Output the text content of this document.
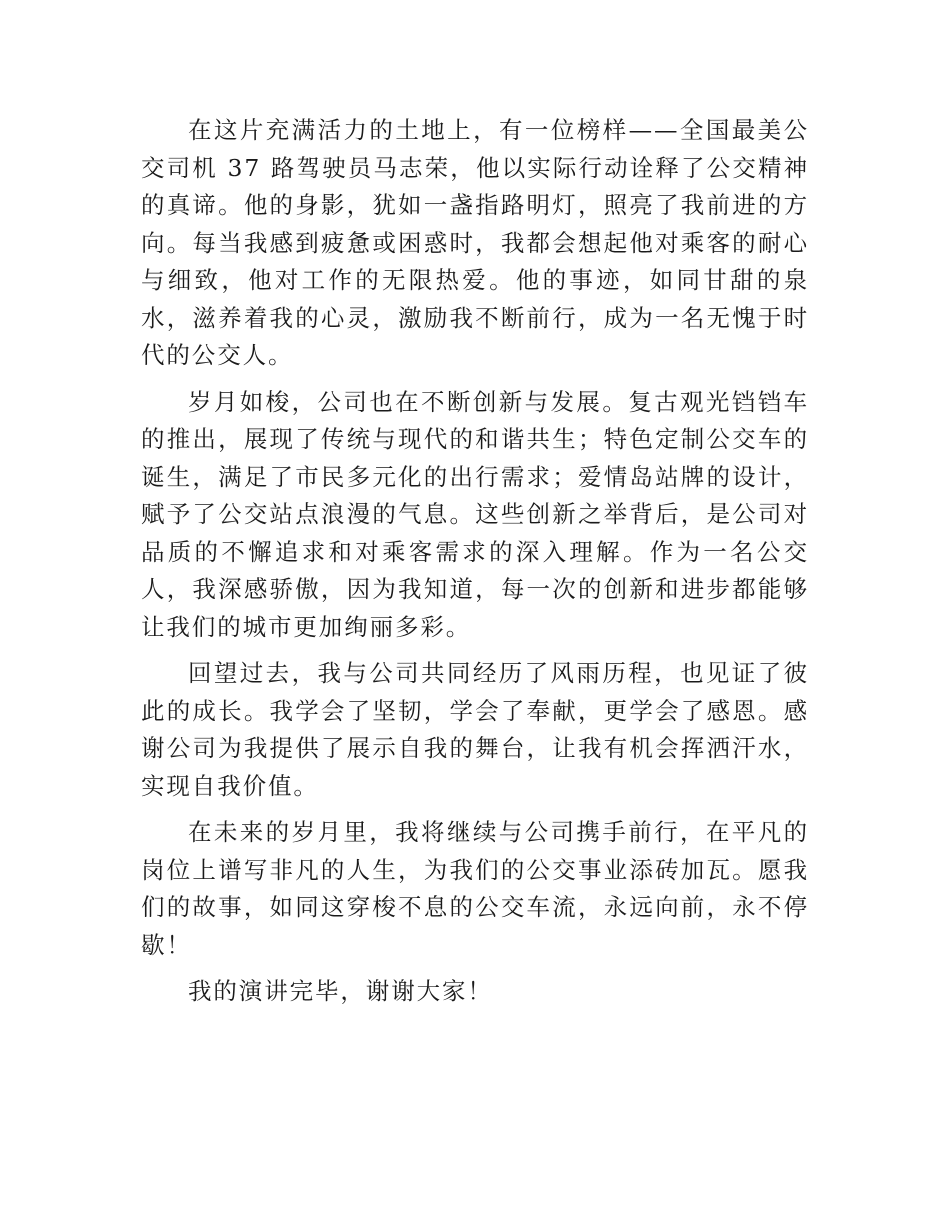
在这片充满活力的土地上，有一位榜样——全国最美公交司机 37 路驾驶员马志荣，他以实际行动诠释了公交精神的真谛。他的身影，犹如一盏指路明灯，照亮了我前进的方向。每当我感到疲惫或困惑时，我都会想起他对乘客的耐心与细致，他对工作的无限热爱。他的事迹，如同甘甜的泉水，滋养着我的心灵，激励我不断前行，成为一名无愧于时代的公交人。

岁月如梭，公司也在不断创新与发展。复古观光铛铛车的推出，展现了传统与现代的和谐共生；特色定制公交车的诞生，满足了市民多元化的出行需求；爱情岛站牌的设计，赋予了公交站点浪漫的气息。这些创新之举背后，是公司对品质的不懈追求和对乘客需求的深入理解。作为一名公交人，我深感骄傲，因为我知道，每一次的创新和进步都能够让我们的城市更加绚丽多彩。

回望过去，我与公司共同经历了风雨历程，也见证了彼此的成长。我学会了坚韧，学会了奉献，更学会了感恩。感谢公司为我提供了展示自我的舞台，让我有机会挥洒汗水，实现自我价值。

在未来的岁月里，我将继续与公司携手前行，在平凡的岗位上谱写非凡的人生，为我们的公交事业添砖加瓦。愿我们的故事，如同这穿梭不息的公交车流，永远向前，永不停歇！

我的演讲完毕，谢谢大家！
